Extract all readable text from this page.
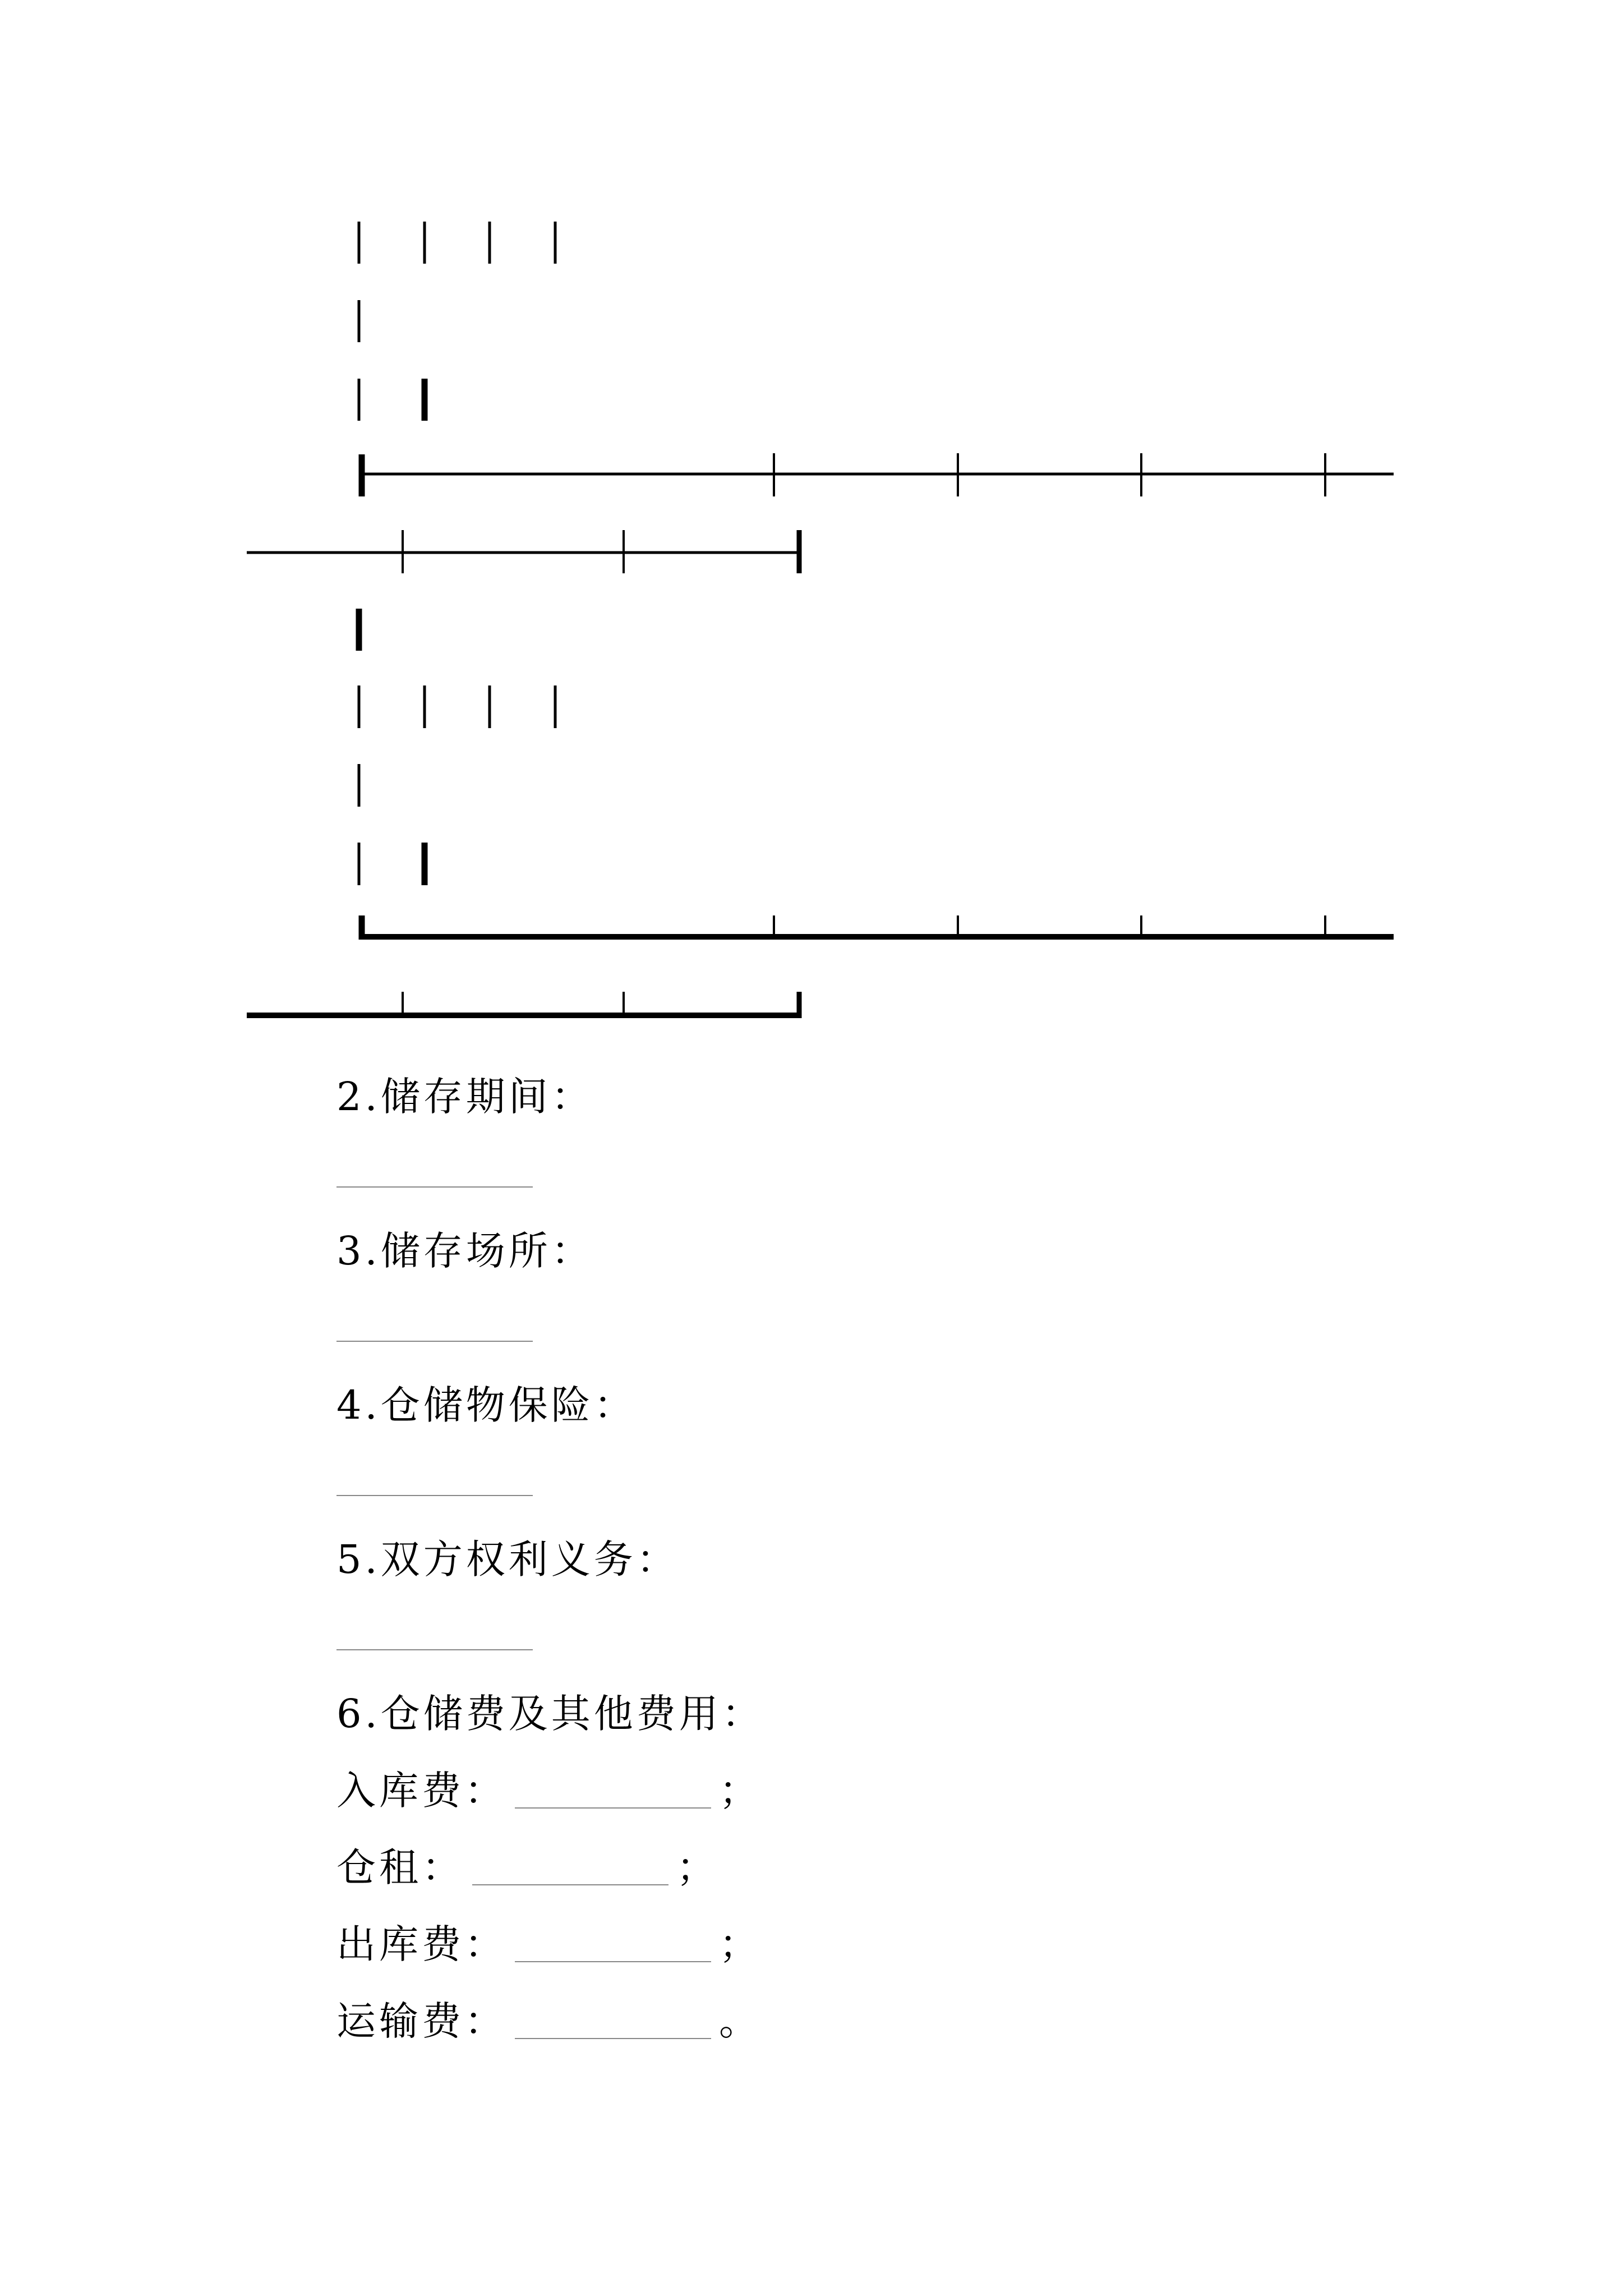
2.储存期间：
3.储存场所：
4.仓储物保险：
5.双方权利义务：
6.仓储费及其他费用：
入库费：	；
仓租：	；
出库费：	；
运输费：	。
